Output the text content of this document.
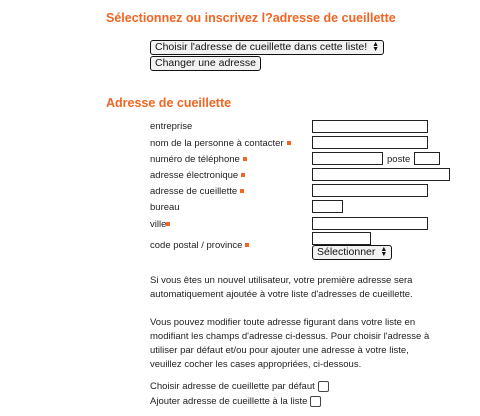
Sélectionnez ou inscrivez l?adresse de cueillette
Choisir l'adresse de cueillette dans cette liste! ▲
▼
Changer une adresse
Adresse de cueillette
entreprise
nom de la personne à contacter
numéro de téléphone	poste
adresse électronique
adresse de cueillette
bureau
ville
code postal / province
Sélectionner ▲
▼

Si vous êtes un nouvel utilisateur, votre première adresse sera automatiquement ajoutée à votre liste d'adresses de cueillette.

Vous pouvez modifier toute adresse figurant dans votre liste en modifiant les champs d'adresse ci-dessus. Pour choisir l'adresse à utiliser par défaut et/ou pour ajouter une adresse à votre liste, veuillez cocher les cases appropriées, ci-dessous.

Choisir adresse de cueillette par défaut
Ajouter adresse de cueillette à la liste
